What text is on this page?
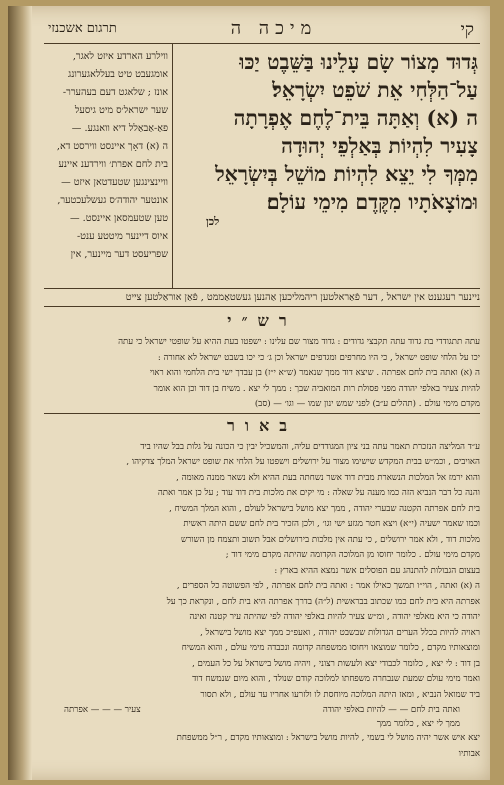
קי
מיכה ה
תרגום אשכנזי
גְּדוּד מָצוֹר שָׂם עָלֵינוּ בַּשֵּׁבֶט יַכּוּ
עַל־הַלְּחִי אֵת שֹׁפֵט יִשְׂרָאֵל׃
ה (א) וְאַתָּה בֵּית־לֶחֶם אֶפְרָתָה
צָעִיר לִהְיוֹת בְּאַלְפֵי יְהוּדָה
מִמְּךָ לִי יֵצֵא לִהְיוֹת מוֹשֵׁל בְּיִשְׂרָאֵל
וּמוֹצָאֹתָיו מִקֶּדֶם מִימֵי עוֹלָם׃
לכן
ווילרע הארדע איזט לאגר,
אומגעבט טיט בעללאגערונג
אונז ; שלאגט דעם בעהערר-
שער ישראל׳ס מיט גיסעל
פאַ-אַבאַלל דיא וואנגע. —
ה (א) דאָך איינסט ווירסט דא,
בית לחם אפרת׳ ווירדענ איינע
וויינצינגען שטעדטאן איזט —
אונטער יהודה׳ס געשלעכטער,
טען שטעמסאן איינסט. —
איוס דיינער מיטטע ענט-
שפריעסט דער מיינער, אין
ניינער רעגענט אין ישראל , דער פֿאַראלטען ריהמליכען אַהנען געשטאַממט , פֿאַן אוראַלטען צייט
רש״י
עתה תתגודדי בת גדוד עתה תקבצי גדודים : גדוד מצור שם עלינו : ישפטו בעת ההיא על שופטי ישראל כי עתה
יכו על הלחי שופט ישראל , כי היו מחרפים ומגדפים ישראל וכן ג׳ כי יכו בשבט ישראל לא אחורה :
ה (א) ואתה בית לחם אפרתה . שיצא דוד ממך שנאמר (ש״א י״ז) בן עבדך ישי בית הלחמי והוא ראוי
להיות צעיר באלפי יהודה מפני פסולת רות המואביה שבך : ממך לי יצא . משיח בן דוד וכן הוא אומר
מקדם מימי עולם . (תהלים ע״ב) לפני שמש ינון שמו — וגו׳ — (סב)
באור
ע״ד המליצה הנזכרת תאמר עתה בני ציון המגודדים עליה, והמשכיל יבין כי הכונה על גלות בבל שהיו ביד
האויבים , וכמ״ש בבית המקדש שישימו מצור על ירושלים וישפטו על הלחי את שופט ישראל המלך צדקיהו ,
והוא ירמז אל המלכות הנשארת מבית דוד אשר נשחתה בעת ההיא ולא נשאר ממנה מאומה ,
והנה כל דבר הנביא הזה כמו מענה על שאלה : מי יקים את מלכות בית דוד עוד ; על כן אמר ואתה
בית לחם אפרתה הקטנה שבערי יהודה , ממך יצא מושל בישראל לעולם , והוא המלך המשיח ,
וכמו שאמר ישעיה (י״א) ויצא חטר מגזע ישי וגו׳ , ולכן הזכיר בית לחם ששם היתה ראשית
מלכות דוד , ולא אמר ירושלים , כי עתה אין מלכות בירושלים אבל תשוב ותצמח מן השורש
מקדם מימי עולם . כלומר יחוסו מן המלוכה הקדומה שהיתה מקדם מימי דוד ;
בעצום הגבולות להתנהג עם הפוסלים אשר נמצא ההיא בארץ :
ה (א) ואתה , הוי״ו תמשך כאילו אמר : ואתה בית לחם אפרתה , לפי הפשוטה כל הספרים ,
אפרתה היא בית לחם כמו שכתוב בבראשית (ל״ה) בדרך אפרתה היא בית לחם , ונקראת כך על
יהודה כי היא מאלפי יהודה , ומ״ש צעיר להיות באלפי יהודה לפי שהיתה עיר קטנה ואינה
ראויה להיות בכלל הערים הגדולות שבשבט יהודה , ואעפ״כ ממך יצא מושל בישראל ,
ומוצאותיו מקדם , כלומר שמוצאו ויחוסו ממשפחה קדומה ונכבדה מימי עולם , והוא המשיח
בן דוד : לי יצא , כלומר לכבודי יצא ולעשות רצוני , ויהיה מושל בישראל על כל העמים ,
ואמר מימי עולם שמעת שנבחרה משפחתו למלוכה קודם שנולד , והוא מיום שנמשח דוד
ביד שמואל הנביא , ומאז היתה המלוכה מיוחסת לו ולזרעו אחריו עד עולם , ולא תסור
ואתה בית לחם — — להיות באלפי יהודה
צעיר — — — אפרתה
ממך לי יצא , כלומר ממך
יצא איש אשר יהיה מושל לי בשמי , להיות מושל בישראל : ומוצאותיו מקדם , ר״ל ממשפחת
אבותיו
